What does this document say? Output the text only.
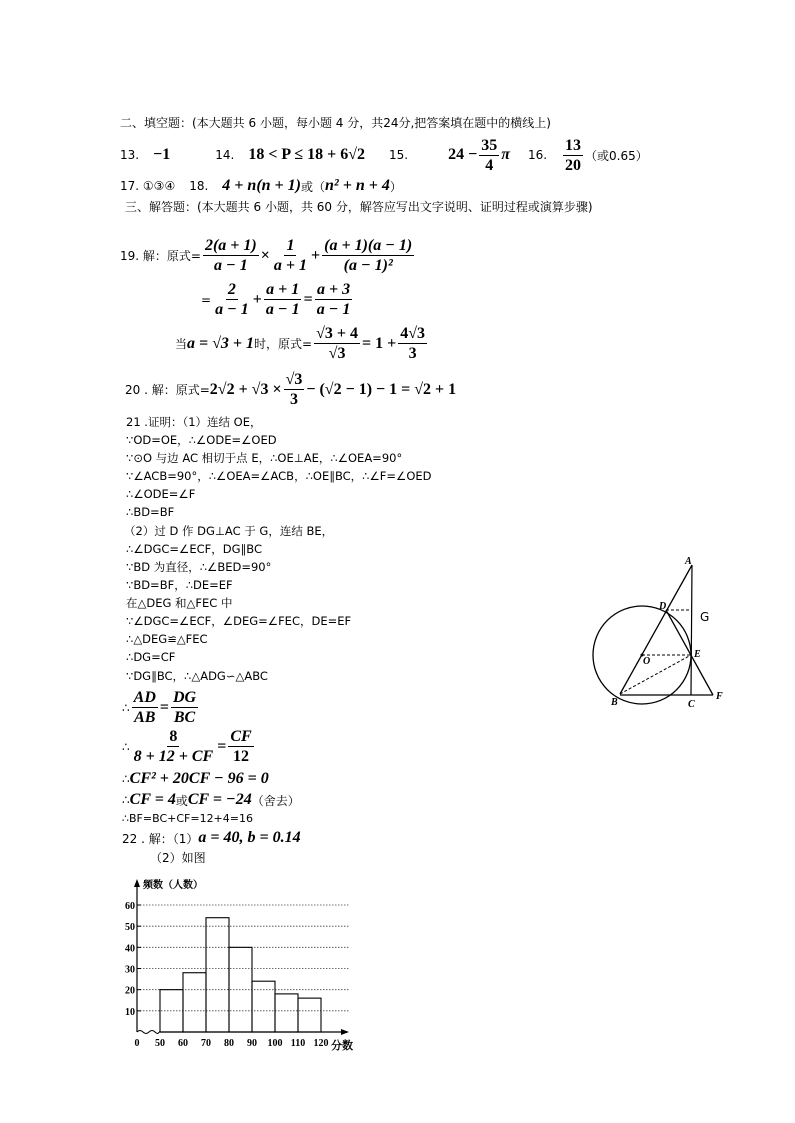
二、填空题：(本大题共 6 小题，每小题 4 分，共24分,把答案填在题中的横线上)
13. −1	14. 18 < P ≤ 18 + 6√2 15.	$24 - \frac{35}{4}$ π 16. $\frac{13}{20}$ （或0.65）
17.
①③④ 18. 4 + n(n + 1) 或（ n² + n + 4 ）
三、解答题：(本大题共 6 小题，共 60 分，解答应写出文字说明、证明过程或演算步骤)
19. 解：原式= $\frac{2(a + 1)}{a - 1} \times \frac{1}{a + 1} + \frac{(a + 1)(a - 1)}{\text{(a − 1)²}}$
= $\frac{2}{a - 1} + \frac{a + 1}{a - 1} = \frac{a + 3}{a - 1}$
当 a = √3 + 1 时，原式= $\frac{√3 + 4}{√3} = 1 + \frac{4√3}{3}$
20 . 解：原式= $2√2 + √3 \times \frac{√3}{3} - (√2 - 1) - 1 = √2 + 1$
21 .证明：（1）连结 OE，
∵OD=OE，∴∠ODE=∠OED
∵⊙O 与边 AC 相切于点 E，∴OE⊥AE，∴∠OEA=90°
∵∠ACB=90°，∴∠OEA=∠ACB，∴OE∥BC，∴∠F=∠OED
∴∠ODE=∠F
∴BD=BF
（2）过 D 作 DG⊥AC 于 G，连结 BE，
∴∠DGC=∠ECF，DG∥BC
∵BD 为直径，∴∠BED=90°
∵BD=BF，∴DE=EF
在△DEG 和△FEC 中
∵∠DGC=∠ECF，∠DEG=∠FEC，DE=EF
∴△DEG≌△FEC
∴DG=CF
∵DG∥BC，∴△ADG∽△ABC
∴ $\frac{AD}{AB} = \frac{DG}{BC}$
∴ $\frac{8}{8 + 12 + CF} = \frac{CF}{12}$
∴ CF² + 20CF − 96 = 0
∴ CF = 4 或 CF = −24 （舍去）
∴BF=BC+CF=12+4=16
22 . 解：（1） a = 40, b = 0.14
（2）如图
A
B	C
D
E
F
O
G
10
20
30
40
50
60
0 50 60 70 80 90 100 110 120
频数（人数）
分数
